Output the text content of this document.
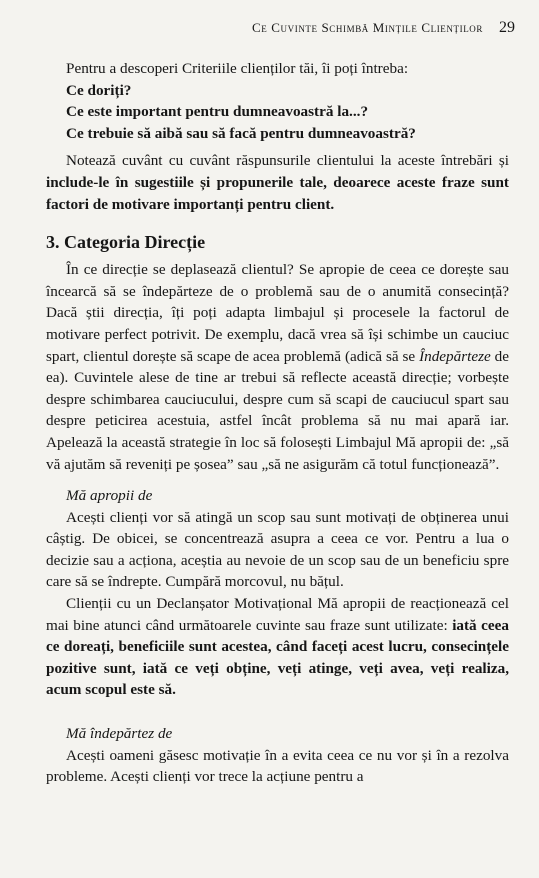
Ce Cuvinte Schimbă Mințile Clienților 29

Pentru a descoperi Criteriile clienților tăi, îi poți întreba:

Ce doriți?
Ce este important pentru dumneavoastră la...?
Ce trebuie să aibă sau să facă pentru dumneavoastră?

Notează cuvânt cu cuvânt răspunsurile clientului la aceste întrebări și include-le în sugestiile și propunerile tale, deoarece aceste fraze sunt factori de motivare importanți pentru client.

3. Categoria Direcție

În ce direcție se deplasează clientul? Se apropie de ceea ce dorește sau încearcă să se îndepărteze de o problemă sau de o anumită consecință? Dacă știi direcția, îți poți adapta limbajul și procesele la factorul de motivare perfect potrivit. De exemplu, dacă vrea să își schimbe un cauciuc spart, clientul dorește să scape de acea problemă (adică să se Îndepărteze de ea). Cuvintele alese de tine ar trebui să reflecte această direcție; vorbește despre schimbarea cauciucului, despre cum să scapi de cauciucul spart sau despre peticirea acestuia, astfel încât problema să nu mai apară iar. Apelează la această strategie în loc să folosești Limbajul Mă apropii de: „să vă ajutăm să reveniți pe șosea” sau „să ne asigurăm că totul funcționează”.

Mă apropii de

Acești clienți vor să atingă un scop sau sunt motivați de obținerea unui câștig. De obicei, se concentrează asupra a ceea ce vor. Pentru a lua o decizie sau a acționa, aceștia au nevoie de un scop sau de un beneficiu spre care să se îndrepte. Cumpără morcovul, nu bățul.

Clienții cu un Declanșator Motivațional Mă apropii de reacționează cel mai bine atunci când următoarele cuvinte sau fraze sunt utilizate: iată ceea ce doreați, beneficiile sunt acestea, când faceți acest lucru, consecințele pozitive sunt, iată ce veți obține, veți atinge, veți avea, veți realiza, acum scopul este să.

Mă îndepărtez de

Acești oameni găsesc motivație în a evita ceea ce nu vor și în a rezolva probleme. Acești clienți vor trece la acțiune pentru a
